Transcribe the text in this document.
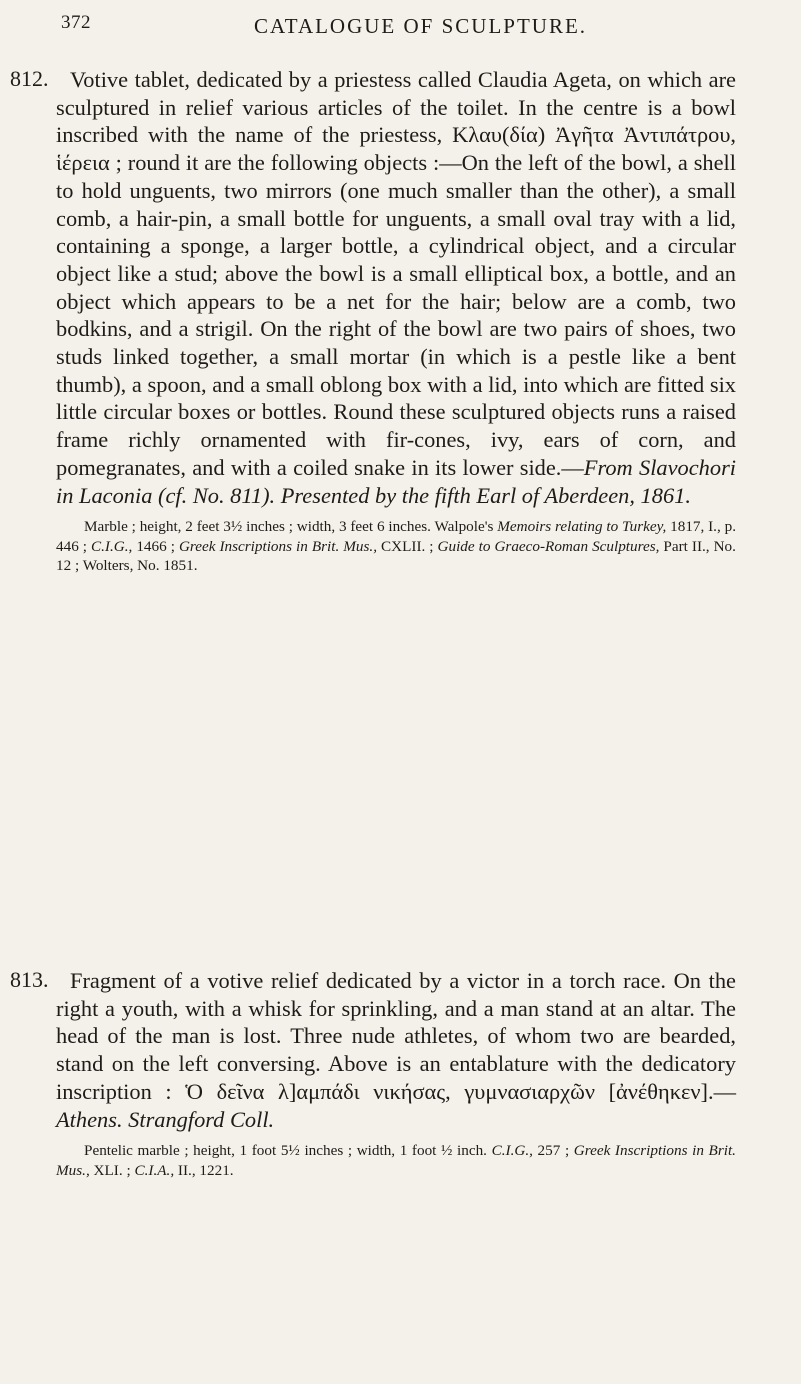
372	CATALOGUE OF SCULPTURE.
812. Votive tablet, dedicated by a priestess called Claudia Ageta, on which are sculptured in relief various articles of the toilet. In the centre is a bowl inscribed with the name of the priestess, Κλαυ(δία) Ἀγῆτα Ἀντιπάτρου, ἱέρεια ; round it are the following objects :—On the left of the bowl, a shell to hold unguents, two mirrors (one much smaller than the other), a small comb, a hair-pin, a small bottle for unguents, a small oval tray with a lid, containing a sponge, a larger bottle, a cylindrical object, and a circular object like a stud; above the bowl is a small elliptical box, a bottle, and an object which appears to be a net for the hair; below are a comb, two bodkins, and a strigil. On the right of the bowl are two pairs of shoes, two studs linked together, a small mortar (in which is a pestle like a bent thumb), a spoon, and a small oblong box with a lid, into which are fitted six little circular boxes or bottles. Round these sculptured objects runs a raised frame richly ornamented with fir-cones, ivy, ears of corn, and pomegranates, and with a coiled snake in its lower side.—From Slavochori in Laconia (cf. No. 811). Presented by the fifth Earl of Aberdeen, 1861.

Marble ; height, 2 feet 3½ inches ; width, 3 feet 6 inches. Walpole's Memoirs relating to Turkey, 1817, I., p. 446 ; C.I.G., 1466 ; Greek Inscriptions in Brit. Mus., CXLII. ; Guide to Graeco-Roman Sculptures, Part II., No. 12 ; Wolters, No. 1851.

813. Fragment of a votive relief dedicated by a victor in a torch race. On the right a youth, with a whisk for sprinkling, and a man stand at an altar. The head of the man is lost. Three nude athletes, of whom two are bearded, stand on the left conversing. Above is an entablature with the dedicatory inscription : Ὁ δεῖνα λ]αμπάδι νικήσας, γυμνασιαρχῶν [ἀνέθηκεν].—Athens. Strangford Coll.

Pentelic marble ; height, 1 foot 5½ inches ; width, 1 foot ½ inch. C.I.G., 257 ; Greek Inscriptions in Brit. Mus., XLI. ; C.I.A., II., 1221.
